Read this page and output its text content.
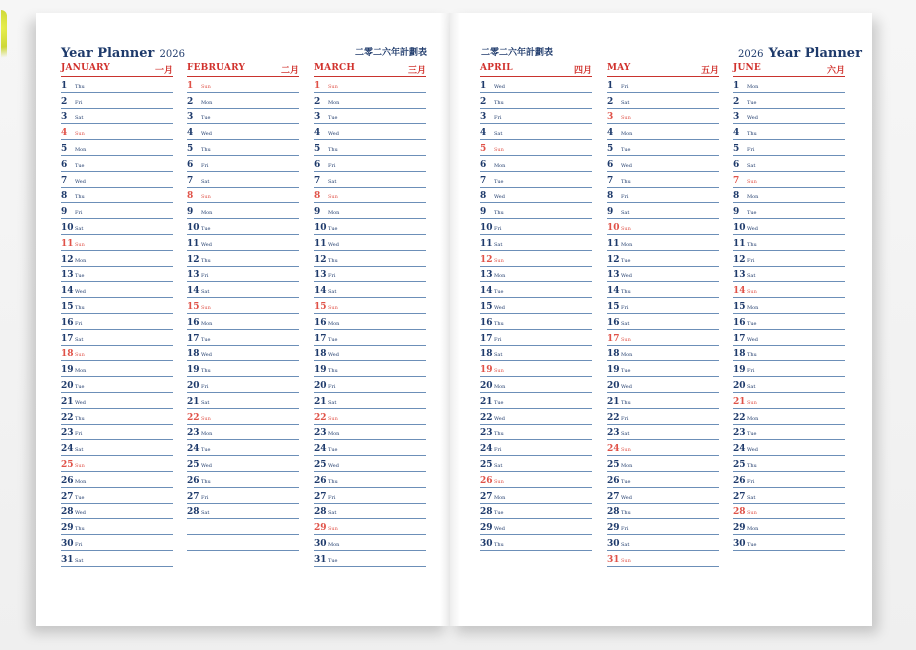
Year Planner 2026	二零二六年計劃表	二零二六年計劃表	2026 Year Planner
JANUARY	一月
1 Thu
2 Fri
3 Sat
4 Sun
5 Mon
6 Tue
7 Wed
8 Thu
9 Fri
10 Sat
11 Sun
12 Mon
13 Tue
14 Wed
15 Thu
16 Fri
17 Sat
18 Sun
19 Mon
20 Tue
21 Wed
22 Thu
23 Fri
24 Sat
25 Sun
26 Mon
27 Tue
28 Wed
29 Thu
30 Fri
31 Sat
FEBRUARY	二月
1 Sun
2 Mon
3 Tue
4 Wed
5 Thu
6 Fri
7 Sat
8 Sun
9 Mon
10 Tue
11 Wed
12 Thu
13 Fri
14 Sat
15 Sun
16 Mon
17 Tue
18 Wed
19 Thu
20 Fri
21 Sat
22 Sun
23 Mon
24 Tue
25 Wed
26 Thu
27 Fri
28 Sat
MARCH	三月
1 Sun
2 Mon
3 Tue
4 Wed
5 Thu
6 Fri
7 Sat
8 Sun
9 Mon
10 Tue
11 Wed
12 Thu
13 Fri
14 Sat
15 Sun
16 Mon
17 Tue
18 Wed
19 Thu
20 Fri
21 Sat
22 Sun
23 Mon
24 Tue
25 Wed
26 Thu
27 Fri
28 Sat
29 Sun
30 Mon
31 Tue
APRIL	四月
1 Wed
2 Thu
3 Fri
4 Sat
5 Sun
6 Mon
7 Tue
8 Wed
9 Thu
10 Fri
11 Sat
12 Sun
13 Mon
14 Tue
15 Wed
16 Thu
17 Fri
18 Sat
19 Sun
20 Mon
21 Tue
22 Wed
23 Thu
24 Fri
25 Sat
26 Sun
27 Mon
28 Tue
29 Wed
30 Thu
MAY	五月
1 Fri
2 Sat
3 Sun
4 Mon
5 Tue
6 Wed
7 Thu
8 Fri
9 Sat
10 Sun
11 Mon
12 Tue
13 Wed
14 Thu
15 Fri
16 Sat
17 Sun
18 Mon
19 Tue
20 Wed
21 Thu
22 Fri
23 Sat
24 Sun
25 Mon
26 Tue
27 Wed
28 Thu
29 Fri
30 Sat
31 Sun
JUNE	六月
1 Mon
2 Tue
3 Wed
4 Thu
5 Fri
6 Sat
7 Sun
8 Mon
9 Tue
10 Wed
11 Thu
12 Fri
13 Sat
14 Sun
15 Mon
16 Tue
17 Wed
18 Thu
19 Fri
20 Sat
21 Sun
22 Mon
23 Tue
24 Wed
25 Thu
26 Fri
27 Sat
28 Sun
29 Mon
30 Tue
